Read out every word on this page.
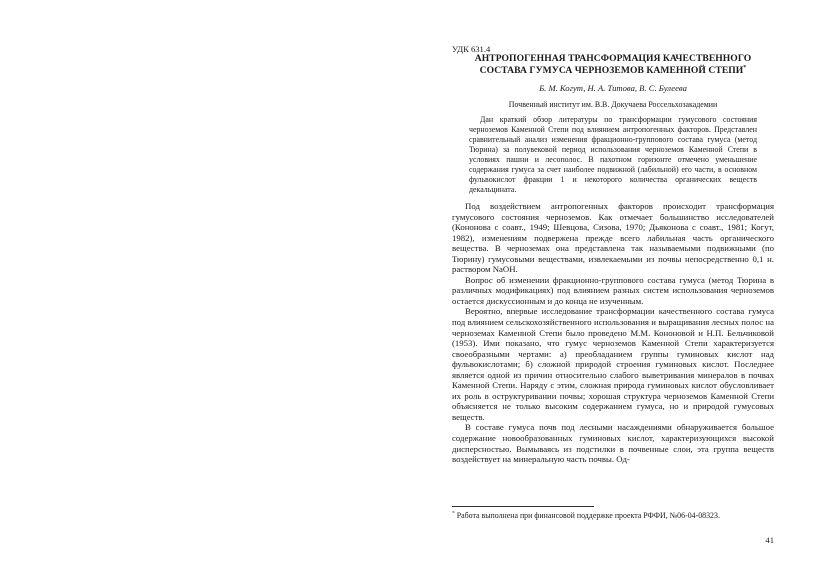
УДК 631.4
АНТРОПОГЕННАЯ ТРАНСФОРМАЦИЯ КАЧЕСТВЕННОГО
СОСТАВА ГУМУСА ЧЕРНОЗЕМОВ КАМЕННОЙ СТЕПИ*
Б. М. Когут, Н. А. Титова, В. С. Булеева
Почвенный институт им. В.В. Докучаева Россельхозакадемии
Дан краткий обзор литературы по трансформации гумусового состояния черноземов Каменной Степи под влиянием антропогенных факторов. Представлен сравнительный анализ изменения фракционно-группового состава гумуса (метод Тюрина) за полувековой период использования черноземов Каменной Степи в условиях пашни и лесополос. В пахотном горизонте отмечено уменьшение содержания гумуса за счет наиболее подвижной (лабильной) его части, в основном фульвокислот фракции 1 и некоторого количества органических веществ декальцината.

Под воздействием антропогенных факторов происходит трансформация гумусового состояния черноземов. Как отмечает большинство исследователей (Кононова с соавт., 1949; Шевцова, Сизова, 1970; Дьяконова с соавт., 1981; Когут, 1982), изменениям подвержена прежде всего лабильная часть органического вещества. В черноземах она представлена так называемыми подвижными (по Тюрину) гумусовыми веществами, извлекаемыми из почвы непосредственно 0,1 н. раствором NaOH.

Вопрос об изменении фракционно-группового состава гумуса (метод Тюрина в различных модификациях) под влиянием разных систем использования черноземов остается дискуссионным и до конца не изученным.

Вероятно, впервые исследование трансформации качественного состава гумуса под влиянием сельскохозяйственного использования и выращивания лесных полос на черноземах Каменной Степи было проведено М.М. Кононовой и Н.П. Бельчиковой (1953). Ими показано, что гумус черноземов Каменной Степи характеризуется своеобразными чертами: а) преобладанием группы гуминовых кислот над фульвокислотами; б) сложной природой строения гуминовых кислот. Последнее является одной из причин относительно слабого выветривания минералов в почвах Каменной Степи. Наряду с этим, сложная природа гуминовых кислот обусловливает их роль в оструктуривании почвы; хорошая структура черноземов Каменной Степи объясняется не только высоким содержанием гумуса, но и природой гумусовых веществ.

В составе гумуса почв под лесными насаждениями обнаруживается большое содержание новообразованных гуминовых кислот, характеризующихся высокой дисперсностью. Вымываясь из подстилки в почвенные слои, эта группа веществ воздействует на минеральную часть почвы. Од-

* Работа выполнена при финансовой поддержке проекта РФФИ, №06-04-08323.
41
